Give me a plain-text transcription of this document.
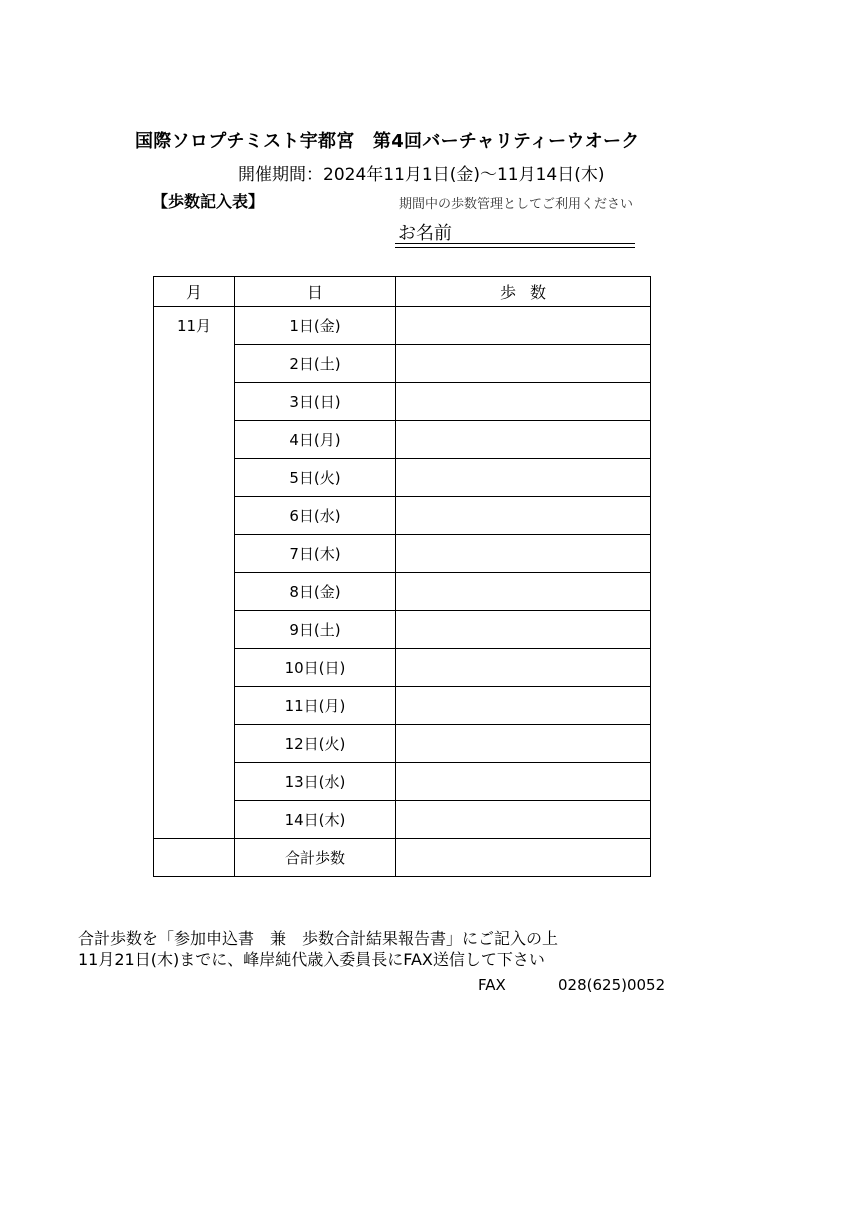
国際ソロプチミスト宇都宮　第4回バーチャリティーウオーク
開催期間：2024年11月1日(金)～11月14日(木)
【歩数記入表】	期間中の歩数管理としてご利用ください
お名前
月	日	歩数
11月	1日(金)	
	2日(土)	
	3日(日)	
	4日(月)	
	5日(火)	
	6日(水)	
	7日(木)	
	8日(金)	
	9日(土)	
	10日(日)	
	11日(月)	
	12日(火)	
	13日(水)	
	14日(木)	
	合計歩数	
合計歩数を「参加申込書　兼　歩数合計結果報告書」にご記入の上
11月21日(木)までに、峰岸純代歳入委員長にFAX送信して下さい
FAX	028(625)0052
